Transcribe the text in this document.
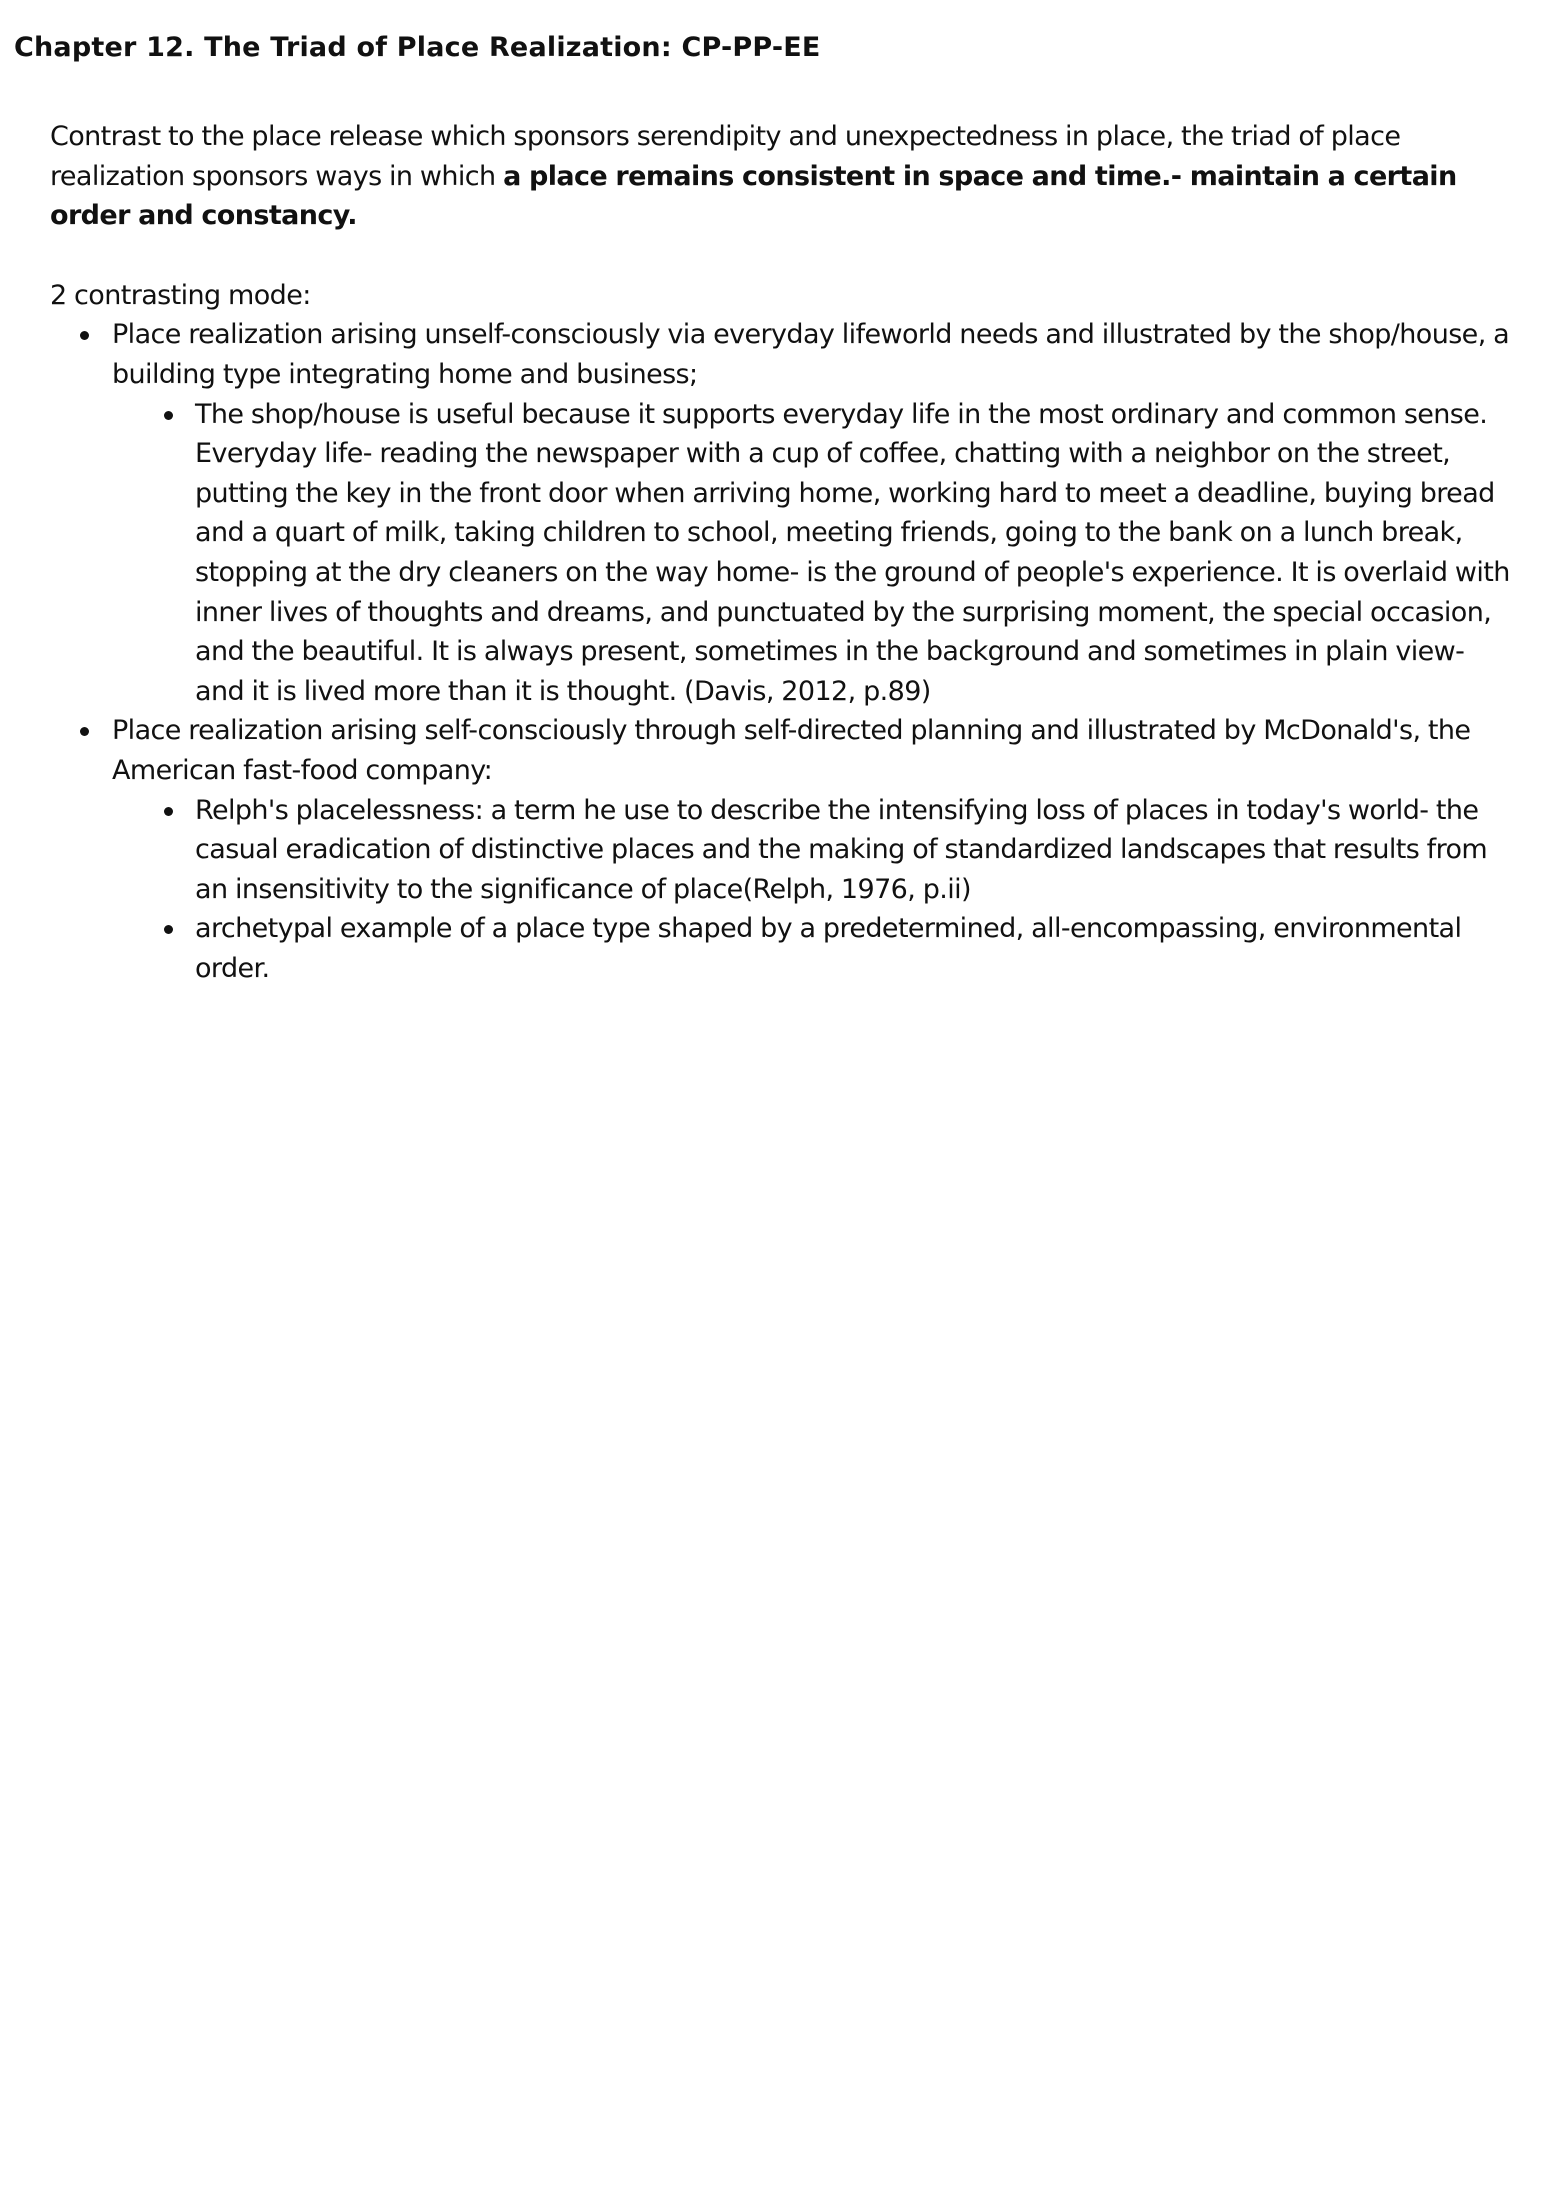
Chapter 12. The Triad of Place Realization: CP-PP-EE

Contrast to the place release which sponsors serendipity and unexpectedness in place, the triad of place realization sponsors ways in which a place remains consistent in space and time.- maintain a certain order and constancy.

2 contrasting mode:

Place realization arising unself-consciously via everyday lifeworld needs and illustrated by the shop/house, a building type integrating home and business;
The shop/house is useful because it supports everyday life in the most ordinary and common sense. Everyday life- reading the newspaper with a cup of coffee, chatting with a neighbor on the street, putting the key in the front door when arriving home, working hard to meet a deadline, buying bread and a quart of milk, taking children to school, meeting friends, going to the bank on a lunch break, stopping at the dry cleaners on the way home- is the ground of people's experience. It is overlaid with inner lives of thoughts and dreams, and punctuated by the surprising moment, the special occasion, and the beautiful. It is always present, sometimes in the background and sometimes in plain view- and it is lived more than it is thought. (Davis, 2012, p.89)
Place realization arising self-consciously through self-directed planning and illustrated by McDonald's, the American fast-food company:
Relph's placelessness: a term he use to describe the intensifying loss of places in today's world- the casual eradication of distinctive places and the making of standardized landscapes that results from an insensitivity to the significance of place(Relph, 1976, p.ii)
archetypal example of a place type shaped by a predetermined, all-encompassing, environmental order.
